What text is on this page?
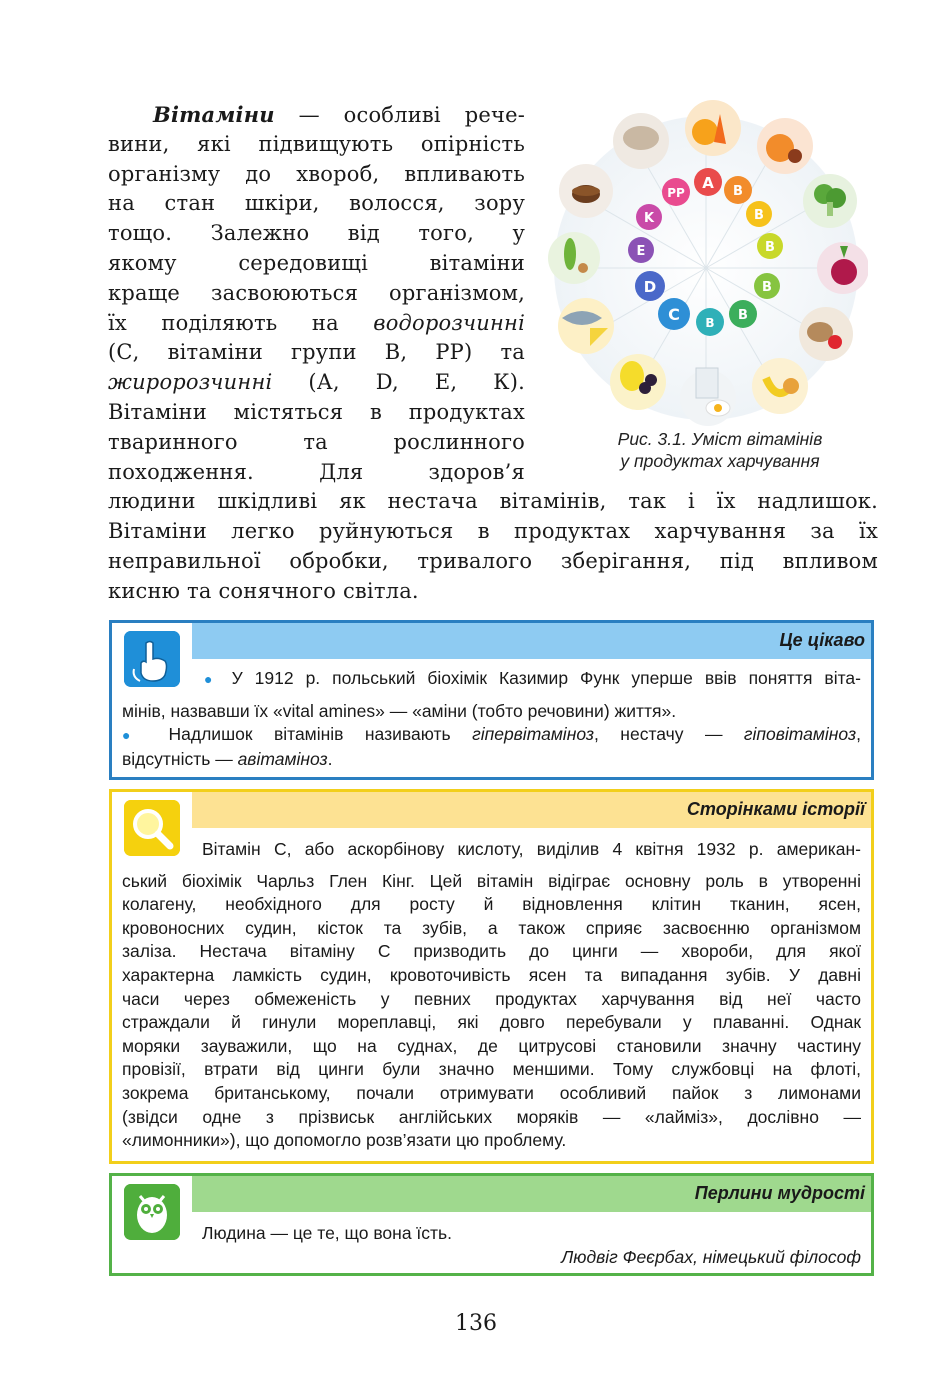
Вітаміни — особливі рече-
вини, які підвищують опірність
організму до хвороб, впливають
на стан шкіри, волосся, зору
тощо. Залежно від того, у
якому середовищі вітаміни
краще засвоюються організмом,
їх поділяють на водорозчинні
(С, вітаміни групи В, РР) та
жиророзчинні (А, D, Е, К).
Вітаміни містяться в продуктах
тваринного та рослинного
походження. Для здоров’я
людини шкідливі як нестача вітамінів, так і їх надлишок.
Вітаміни легко руйнуються в продуктах харчування за їх
неправильної обробки, тривалого зберігання, під впливом
кисню та сонячного світла.
PP
A B
B
B
B
B
B
C
D
E
K
Рис. 3.1. Уміст вітамінів
у продуктах харчування
Це цікаво
● У 1912 р. польський біохімік Казимир Функ уперше ввів поняття віта-
мінів, назвавши їх «vital amines» — «аміни (тобто речовини) життя».
● Надлишок вітамінів називають гіпервітаміноз, нестачу — гіповітаміноз,
відсутність — авітаміноз.
Сторінками історії
Вітамін С, або аскорбінову кислоту, виділив 4 квітня 1932 р. американ-
ський біохімік Чарльз Глен Кінг. Цей вітамін відіграє основну роль в утворенні
колагену, необхідного для росту й відновлення клітин тканин, ясен,
кровоносних судин, кісток та зубів, а також сприяє засвоєнню організмом
заліза. Нестача вітаміну С призводить до цинги — хвороби, для якої
характерна ламкість судин, кровоточивість ясен та випадання зубів. У давні
часи через обмеженість у певних продуктах харчування від неї часто
страждали й гинули мореплавці, які довго перебували у плаванні. Однак
моряки зауважили, що на суднах, де цитрусові становили значну частину
провізії, втрати від цинги були значно меншими. Тому службовці на флоті,
зокрема британському, почали отримувати особливий пайок з лимонами
(звідси одне з прізвиськ англійських моряків — «лайміз», дослівно —
«лимонники»), що допомогло розв’язати цю проблему.
Перлини мудрості
Людина — це те, що вона їсть.
Людвіг Феєрбах, німецький філософ
136
